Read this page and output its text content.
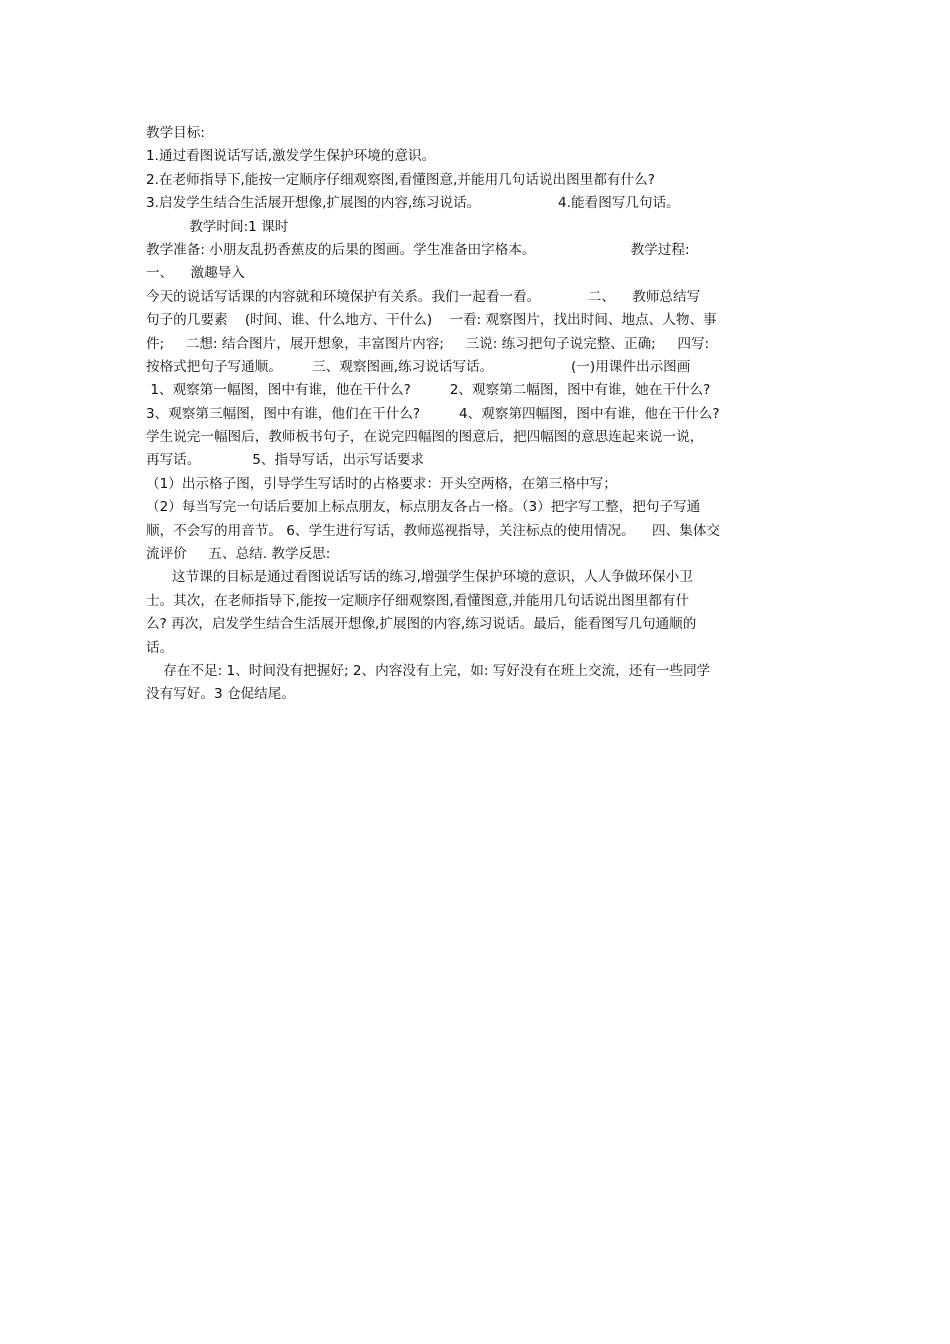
教学目标:
1.通过看图说话写话,激发学生保护环境的意识。
2.在老师指导下,能按一定顺序仔细观察图,看懂图意,并能用几句话说出图里都有什么?
3.启发学生结合生活展开想像,扩展图的内容,练习说话。                  4.能看图写几句话。
教学时间:1 课时
教学准备: 小朋友乱扔香蕉皮的后果的图画。学生准备田字格本。                      教学过程:
一、    激趣导入
今天的说话写话课的内容就和环境保护有关系。我们一起看一看。           二、    教师总结写
句子的几要素    (时间、谁、什么地方、干什么)    一看: 观察图片，找出时间、地点、人物、事
件;     二想: 结合图片，展开想象，丰富图片内容;     三说: 练习把句子说完整、正确;     四写:
按格式把句子写通顺。       三、观察图画,练习说话写话。                  (一)用课件出示图画
1、观察第一幅图，图中有谁，他在干什么?         2、观察第二幅图，图中有谁，她在干什么?
3、观察第三幅图，图中有谁，他们在干什么?         4、观察第四幅图，图中有谁，他在干什么?
学生说完一幅图后，教师板书句子，在说完四幅图的图意后，把四幅图的意思连起来说一说，
再写话。            5、指导写话，出示写话要求
（1）出示格子图，引导学生写话时的占格要求：开头空两格，在第三格中写；
（2）每当写完一句话后要加上标点朋友，标点朋友各占一格。（3）把字写工整，把句子写通
顺，不会写的用音节。 6、学生进行写话，教师巡视指导，关注标点的使用情况。    四、集体交
流评价     五、总结. 教学反思:
这节课的目标是通过看图说话写话的练习,增强学生保护环境的意识，人人争做环保小卫
士。其次，在老师指导下,能按一定顺序仔细观察图,看懂图意,并能用几句话说出图里都有什
么? 再次，启发学生结合生活展开想像,扩展图的内容,练习说话。最后，能看图写几句通顺的
话。
存在不足: 1、时间没有把握好; 2、内容没有上完，如: 写好没有在班上交流，还有一些同学
没有写好。3 仓促结尾。
